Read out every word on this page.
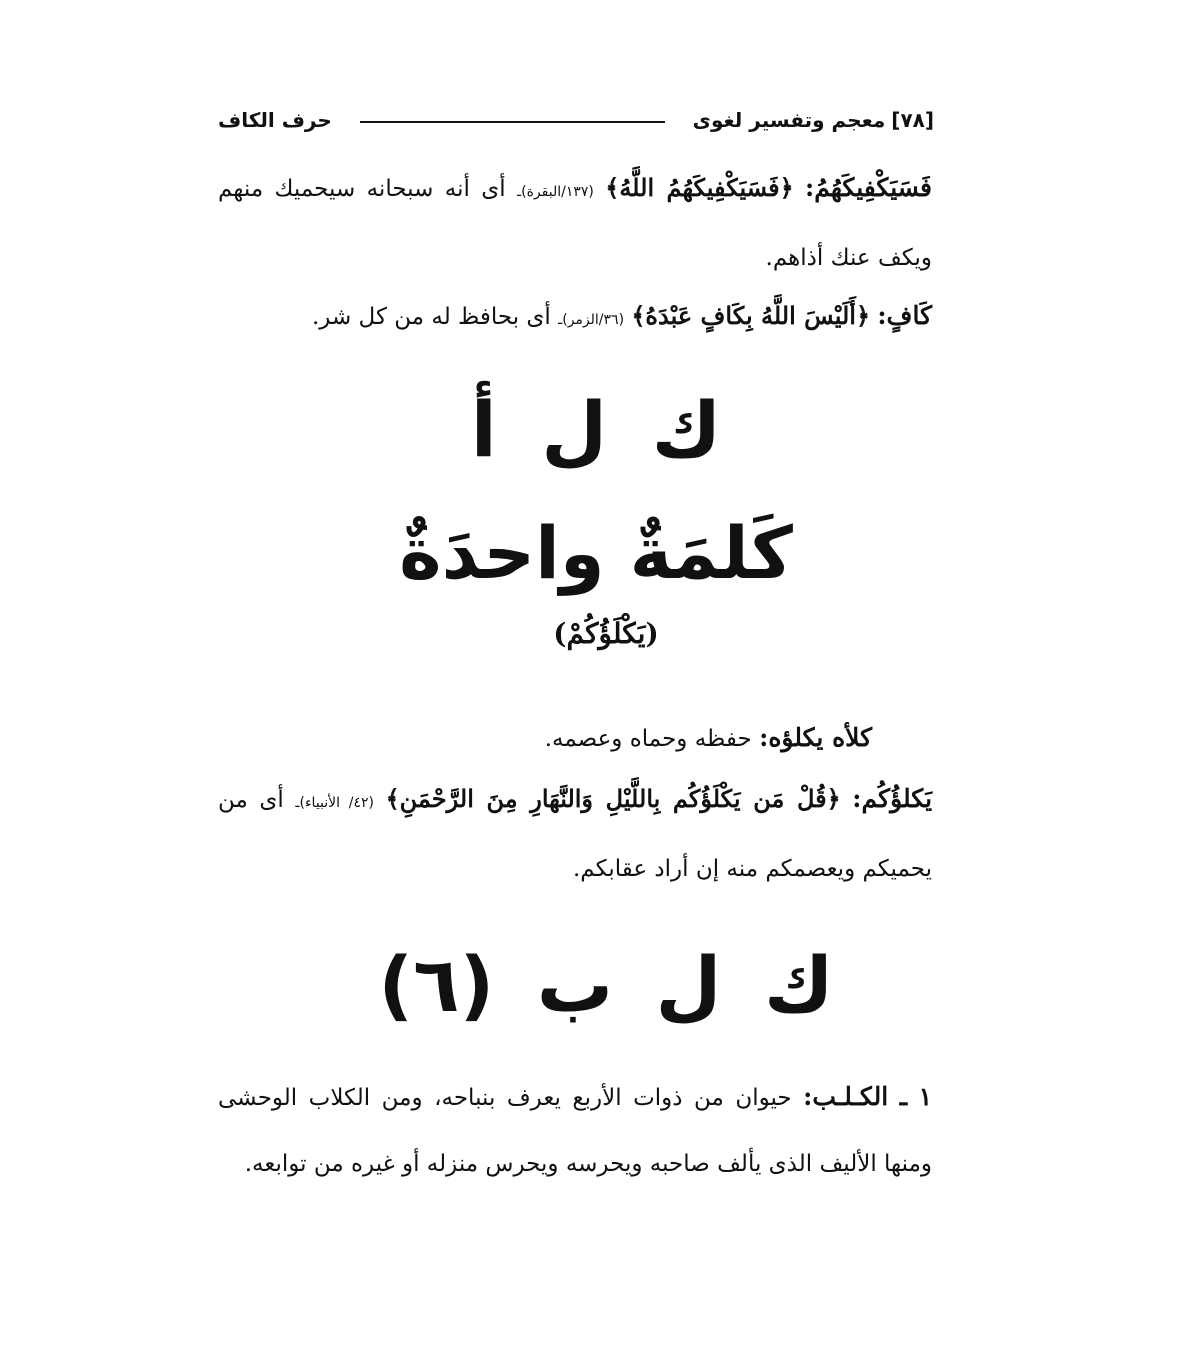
[٧٨]
معجم وتفسير لغوى
حرف الكاف

فَسَيَكْفِيكَهُمُ: ﴿فَسَيَكْفِيكَهُمُ اللَّهُ﴾ (١٣٧/البقرة)ـ أى أنه سبحانه سيحميك منهم ويكف عنك أذاهم.

كَافٍ: ﴿أَلَيْسَ اللَّهُ بِكَافٍ عَبْدَهُ﴾ (٣٦/الزمر)ـ أى بحافظ له من كل شر.

ك ل أ
كَلمَةٌ واحدَةٌ
(يَكْلَؤُكُمْ)

كلأه يكلؤه: حفظه وحماه وعصمه.

يَكلؤُكُم: ﴿قُلْ مَن يَكْلَؤُكُم بِاللَّيْلِ وَالنَّهَارِ مِنَ الرَّحْمَنِ﴾ (٤٢/ الأنبياء)ـ أى من يحميكم ويعصمكم منه إن أراد عقابكم.

ك ل ب (٦)

١ ـ الكـلـب: حيوان من ذوات الأربع يعرف بنباحه، ومن الكلاب الوحشى ومنها الأليف الذى يألف صاحبه ويحرسه ويحرس منزله أو غيره من توابعه.
